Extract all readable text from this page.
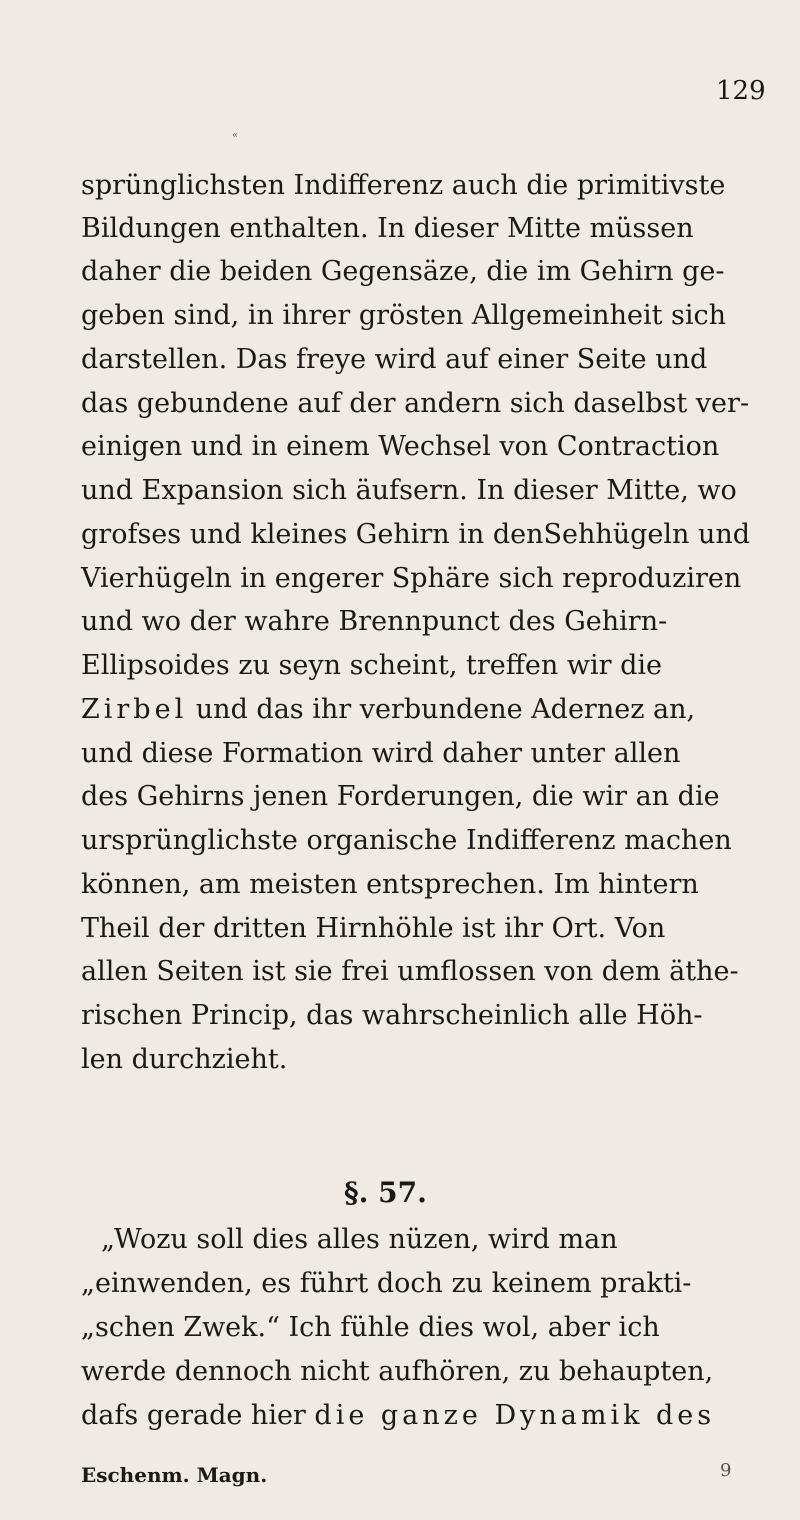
129
«
sprünglichsten Indifferenz auch die primitivste
Bildungen enthalten. In dieser Mitte müssen
daher die beiden Gegensäze, die im Gehirn ge-
geben sind, in ihrer grösten Allgemeinheit sich
darstellen. Das freye wird auf einer Seite und
das gebundene auf der andern sich daselbst ver-
einigen und in einem Wechsel von Contraction
und Expansion sich äufsern. In dieser Mitte, wo
grofses und kleines Gehirn in denSehhügeln und
Vierhügeln in engerer Sphäre sich reproduziren
und wo der wahre Brennpunct des Gehirn-
Ellipsoides zu seyn scheint, treffen wir die
Zirbel und das ihr verbundene Adernez an,
und diese Formation wird daher unter allen
des Gehirns jenen Forderungen, die wir an die
ursprünglichste organische Indifferenz machen
können, am meisten entsprechen. Im hintern
Theil der dritten Hirnhöhle ist ihr Ort. Von
allen Seiten ist sie frei umflossen von dem äthe-
rischen Princip, das wahrscheinlich alle Höh-
len durchzieht.
§. 57.
„Wozu soll dies alles nüzen, wird man
„einwenden, es führt doch zu keinem prakti-
„schen Zwek.“ Ich fühle dies wol, aber ich
werde dennoch nicht aufhören, zu behaupten,
dafs gerade hier die ganze Dynamik des
Eschenm. Magn.	9
